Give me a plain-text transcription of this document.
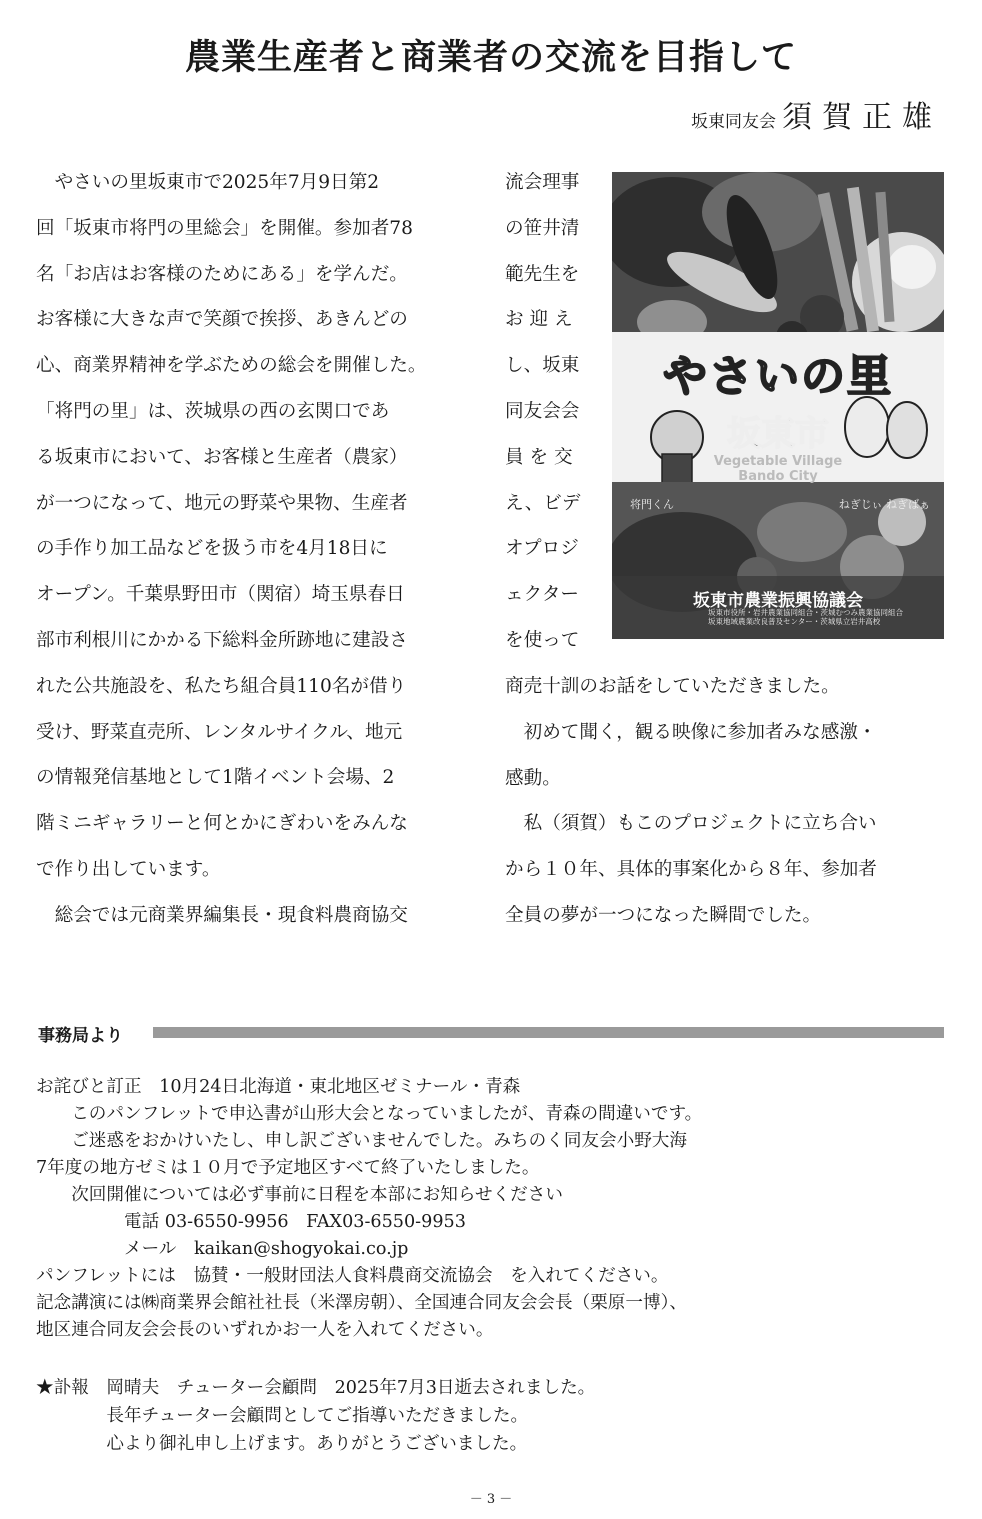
農業生産者と商業者の交流を目指して
坂東同友会 須賀正雄
　やさいの里坂東市で2025年7月9日第2
回「坂東市将門の里総会」を開催。参加者78
名「お店はお客様のためにある」を学んだ。
お客様に大きな声で笑顔で挨拶、あきんどの
心、商業界精神を学ぶための総会を開催した。
「将門の里」は、茨城県の西の玄関口であ
る坂東市において、お客様と生産者（農家）
が一つになって、地元の野菜や果物、生産者
の手作り加工品などを扱う市を4月18日に
オープン。千葉県野田市（関宿）埼玉県春日
部市利根川にかかる下総料金所跡地に建設さ
れた公共施設を、私たち組合員110名が借り
受け、野菜直売所、レンタルサイクル、地元
の情報発信基地として1階イベント会場、2
階ミニギャラリーと何とかにぎわいをみんな
で作り出しています。
　総会では元商業界編集長・現食料農商協交
流会理事
の笹井清
範先生を
お 迎 え
し、坂東
同友会会
員 を 交
え、ビデ
オプロジ
ェクター
を使って
やさいの里
坂東市
Vegetable Village
Bando City
将門くん	ねぎじぃ ねぎばぁ
坂東市農業振興協議会
坂東市役所・岩井農業協同組合・茨城むつみ農業協同組合
坂東地域農業改良普及センター・茨城県立岩井高校
商売十訓のお話をしていただきました。
　初めて聞く，観る映像に参加者みな感激・
感動。
　私（須賀）もこのプロジェクトに立ち合い
から１０年、具体的事案化から８年、参加者
全員の夢が一つになった瞬間でした。
事務局より
お詫びと訂正　10月24日北海道・東北地区ゼミナール・青森
　　このパンフレットで申込書が山形大会となっていましたが、青森の間違いです。
　　ご迷惑をおかけいたし、申し訳ございませんでした。みちのく同友会小野大海
7年度の地方ゼミは１０月で予定地区すべて終了いたしました。
　　次回開催については必ず事前に日程を本部にお知らせください
　　　　　電話 03-6550-9956　FAX03-6550-9953
　　　　　メール　kaikan@shogyokai.co.jp
パンフレットには　協賛・一般財団法人食料農商交流協会　を入れてください。
記念講演には㈱商業界会館社社長（米澤房朝）、全国連合同友会会長（栗原一博）、
地区連合同友会会長のいずれかお一人を入れてください。
★訃報　岡晴夫　チューター会顧問　2025年7月3日逝去されました。
　　　　長年チューター会顧問としてご指導いただきました。
　　　　心より御礼申し上げます。ありがとうございました。
－ 3 －
